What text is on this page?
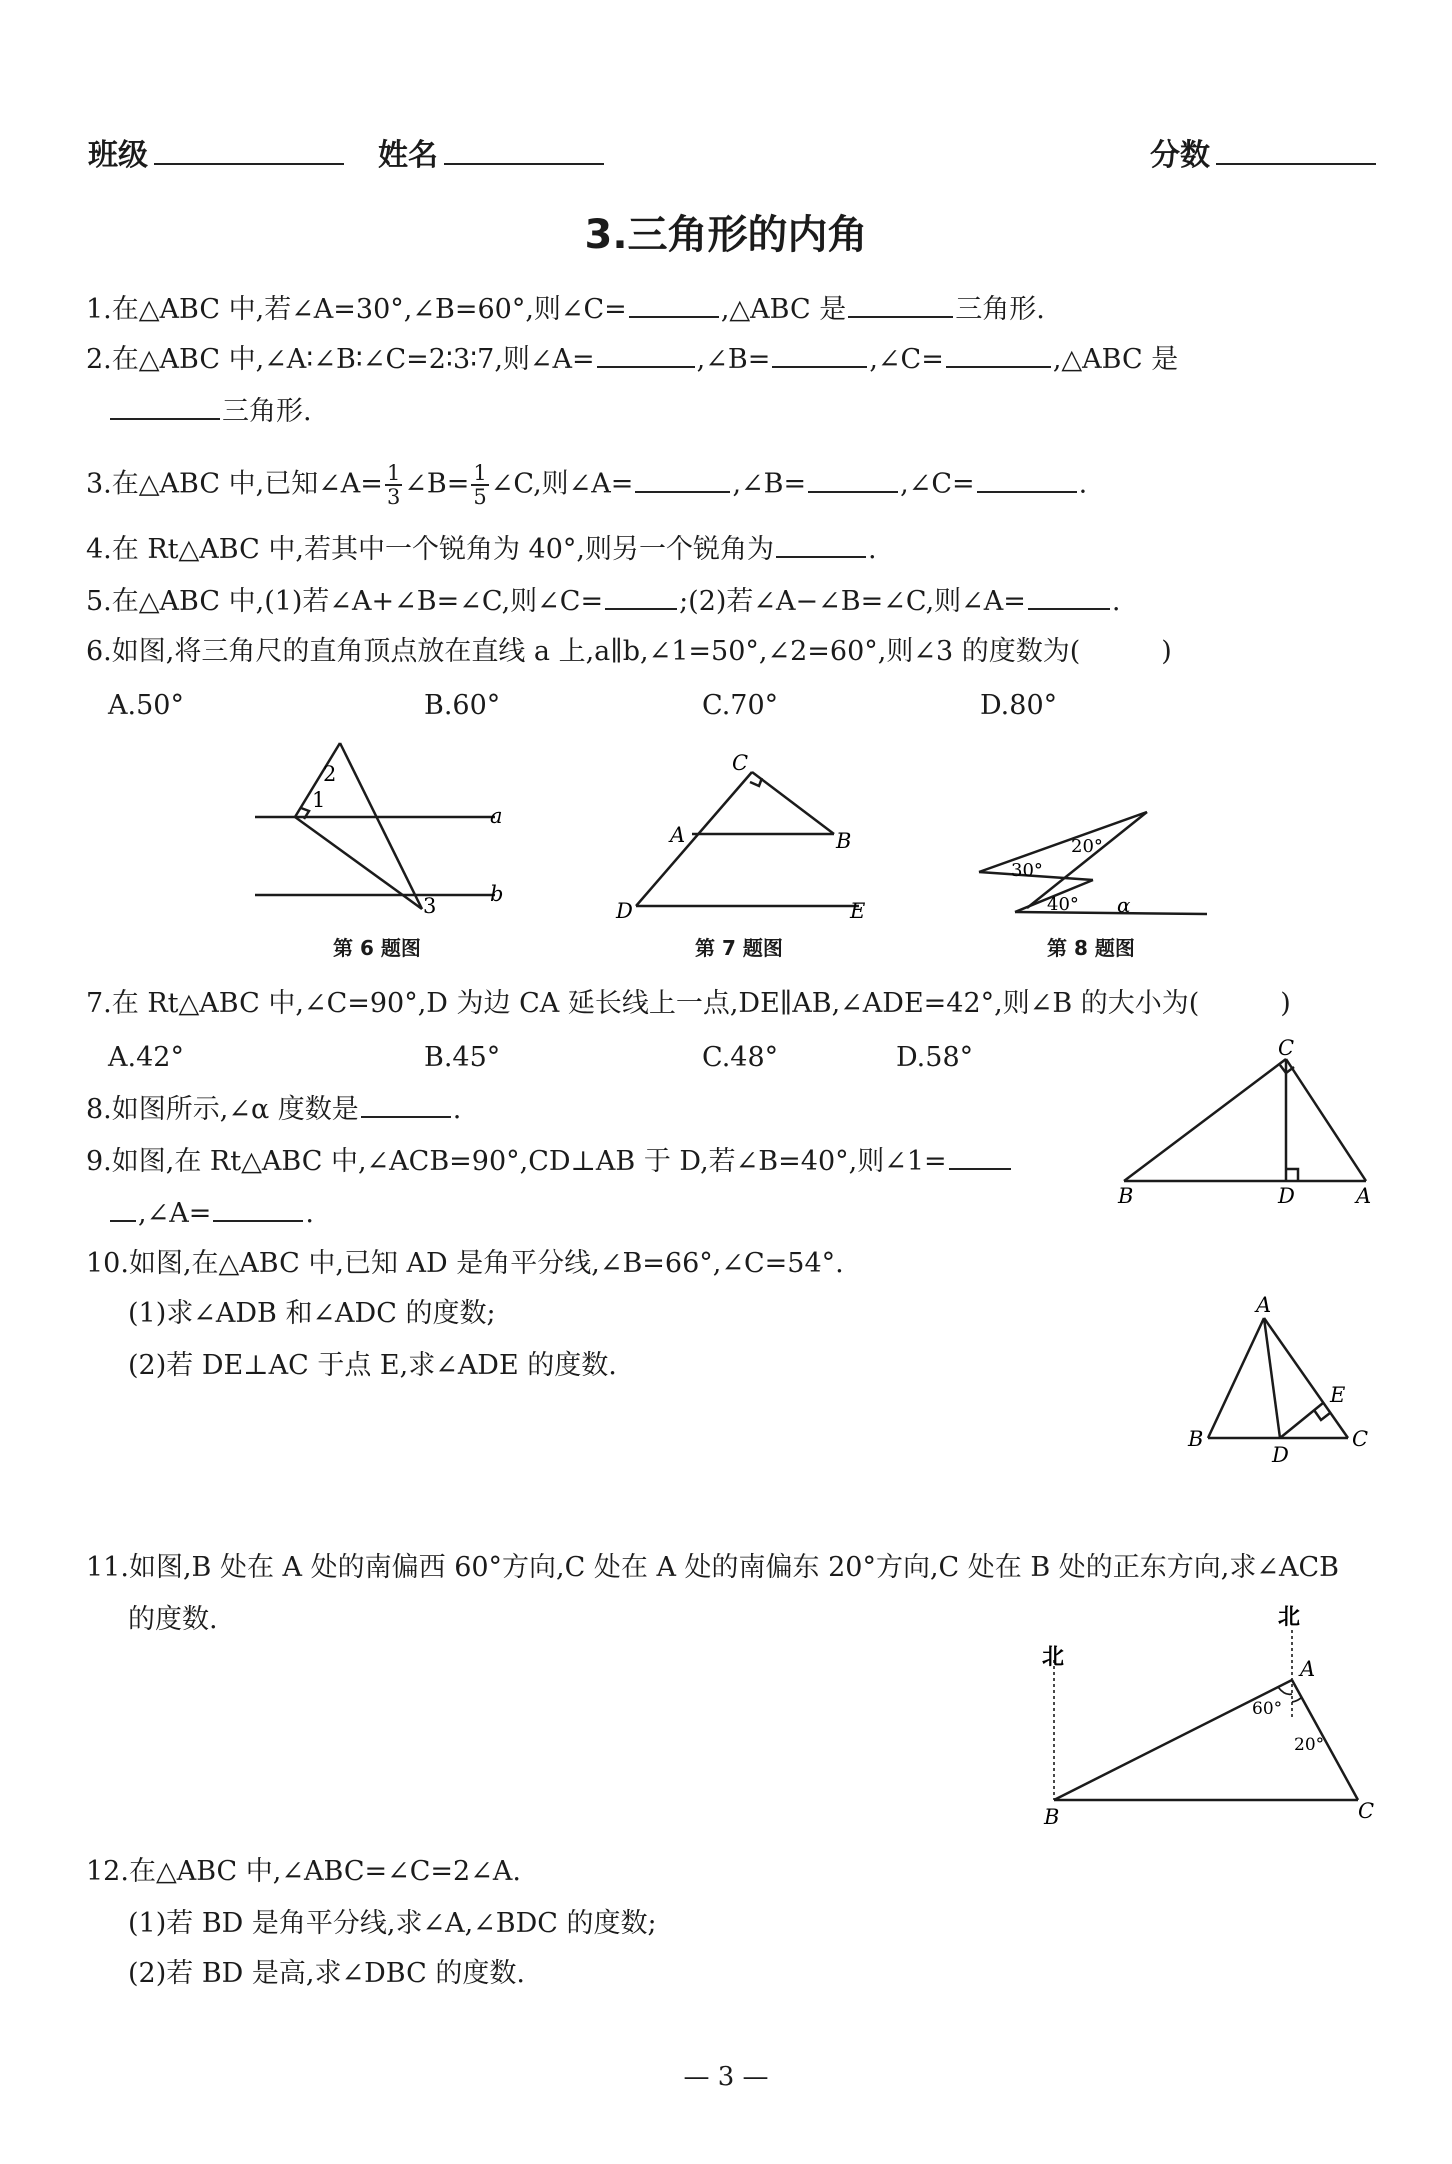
班级	姓名	分数
3.三角形的内角
1.在△ABC 中,若∠A=30°,∠B=60°,则∠C=	,△ABC 是	三角形.
2.在△ABC 中,∠A∶∠B∶∠C=2∶3∶7,则∠A=	,∠B=	,∠C=	,△ABC 是
三角形.
3.在△ABC 中,已知∠A= $\frac{1}{3}$ ∠B= $\frac{1}{5}$ ∠C,则∠A=	,∠B=	,∠C=	.
4.在 Rt△ABC 中,若其中一个锐角为 40°,则另一个锐角为	.
5.在△ABC 中,(1)若∠A+∠B=∠C,则∠C=	;(2)若∠A−∠B=∠C,则∠A=	.
6.如图,将三角尺的直角顶点放在直线 a 上,a∥b,∠1=50°,∠2=60°,则∠3 的度数为(　　　)
A.50°	B.60°	C.70°	D.80°
2
1
3
a
b
第 6 题图
C
A	B
D	E
第 7 题图
20°
30°
40° α
第 8 题图
7.在 Rt△ABC 中,∠C=90°,D 为边 CA 延长线上一点,DE∥AB,∠ADE=42°,则∠B 的大小为(　　　)
A.42°	B.45°	C.48°	D.58°
8.如图所示,∠α 度数是	.
9.如图,在 Rt△ABC 中,∠ACB=90°,CD⊥AB 于 D,若∠B=40°,则∠1=
,∠A=	.
C
B	D	A
10.如图,在△ABC 中,已知 AD 是角平分线,∠B=66°,∠C=54°.
(1)求∠ADB 和∠ADC 的度数;
(2)若 DE⊥AC 于点 E,求∠ADE 的度数.
A
B	C
D
E
11.如图,B 处在 A 处的南偏西 60°方向,C 处在 A 处的南偏东 20°方向,C 处在 B 处的正东方向,求∠ACB
的度数.	北
北	A
B	C
60°
20°
12.在△ABC 中,∠ABC=∠C=2∠A.
(1)若 BD 是角平分线,求∠A,∠BDC 的度数;
(2)若 BD 是高,求∠DBC 的度数.
— 3 —
